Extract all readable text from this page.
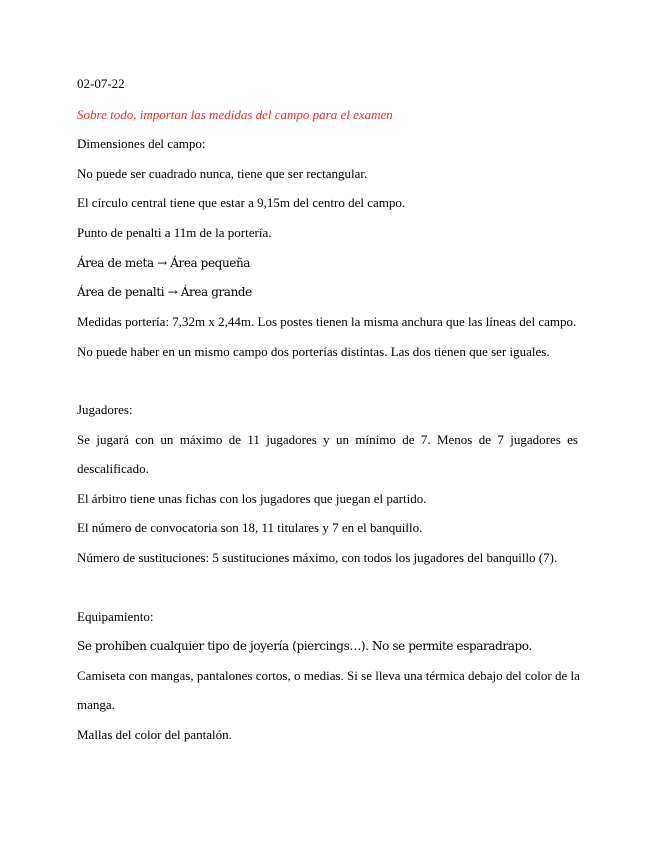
02-07-22

Sobre todo, importan las medidas del campo para el examen

Dimensiones del campo:

No puede ser cuadrado nunca, tiene que ser rectangular.

El círculo central tiene que estar a 9,15m del centro del campo.

Punto de penalti a 11m de la portería.

Área de meta → Área pequeña

Área de penalti → Área grande

Medidas portería: 7,32m x 2,44m. Los postes tienen la misma anchura que las líneas del campo.

No puede haber en un mismo campo dos porterías distintas. Las dos tienen que ser iguales.

Jugadores:

Se jugará con un máximo de 11 jugadores y un mínimo de 7. Menos de 7 jugadores es

descalificado.

El árbitro tiene unas fichas con los jugadores que juegan el partido.

El número de convocatoria son 18, 11 titulares y 7 en el banquillo.

Número de sustituciones: 5 sustituciones máximo, con todos los jugadores del banquillo (7).

Equipamiento:

Se prohiben cualquier tipo de joyería (piercings…). No se permite esparadrapo.

Camiseta con mangas, pantalones cortos, o medias. Si se lleva una térmica debajo del color de la

manga.

Mallas del color del pantalón.
